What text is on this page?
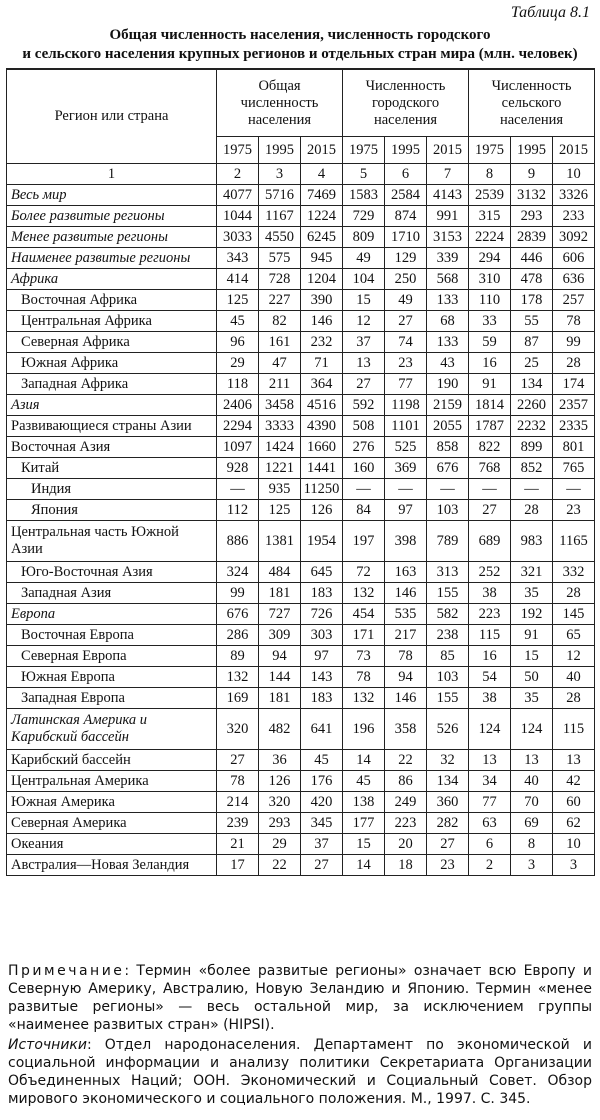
Таблица 8.1
Общая численность населения, численность городского
и сельского населения крупных регионов и отдельных стран мира (млн. человек)
Регион или страна	Общая численность населения			Численность городского населения			Численность сельского населения		
	1975	1995	2015	1975	1995	2015	1975	1995	2015
1	2	3	4	5	6	7	8	9	10
Весь мир	4077	5716	7469	1583	2584	4143	2539	3132	3326
Более развитые регионы	1044	1167	1224	729	874	991	315	293	233
Менее развитые регионы	3033	4550	6245	809	1710	3153	2224	2839	3092
Наименее развитые регионы	343	575	945	49	129	339	294	446	606
Африка	414	728	1204	104	250	568	310	478	636
Восточная Африка	125	227	390	15	49	133	110	178	257
Центральная Африка	45	82	146	12	27	68	33	55	78
Северная Африка	96	161	232	37	74	133	59	87	99
Южная Африка	29	47	71	13	23	43	16	25	28
Западная Африка	118	211	364	27	77	190	91	134	174
Азия	2406	3458	4516	592	1198	2159	1814	2260	2357
Развивающиеся страны Азии	2294	3333	4390	508	1101	2055	1787	2232	2335
Восточная Азия	1097	1424	1660	276	525	858	822	899	801
Китай	928	1221	1441	160	369	676	768	852	765
Индия	—	935	11250	—	—	—	—	—	—
Япония	112	125	126	84	97	103	27	28	23
Центральная часть Южной Азии	886	1381	1954	197	398	789	689	983	1165
Юго-Восточная Азия	324	484	645	72	163	313	252	321	332
Западная Азия	99	181	183	132	146	155	38	35	28
Европа	676	727	726	454	535	582	223	192	145
Восточная Европа	286	309	303	171	217	238	115	91	65
Северная Европа	89	94	97	73	78	85	16	15	12
Южная Европа	132	144	143	78	94	103	54	50	40
Западная Европа	169	181	183	132	146	155	38	35	28
Латинская Америка и Карибский бассейн	320	482	641	196	358	526	124	124	115
Карибский бассейн	27	36	45	14	22	32	13	13	13
Центральная Америка	78	126	176	45	86	134	34	40	42
Южная Америка	214	320	420	138	249	360	77	70	60
Северная Америка	239	293	345	177	223	282	63	69	62
Океания	21	29	37	15	20	27	6	8	10
Австралия—Новая Зеландия	17	22	27	14	18	23	2	3	3
Примечание: Термин «более развитые регионы» означает всю Европу и Северную Америку, Австралию, Новую Зеландию и Японию. Термин «менее развитые регионы» — весь остальной мир, за исключением группы «наименее развитых стран» (HIPSI).
Источники: Отдел народонаселения. Департамент по экономической и социальной информации и анализу политики Секретариата Организации Объединенных Наций; ООН. Экономический и Социальный Совет. Обзор мирового экономического и социального положения. М., 1997. С. 345.
